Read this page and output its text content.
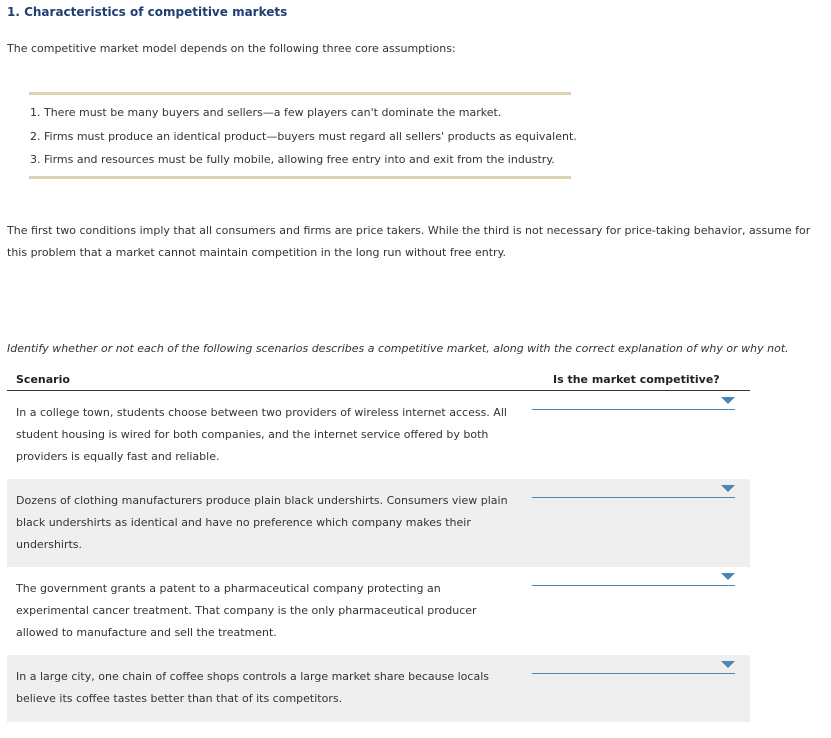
1. Characteristics of competitive markets
The competitive market model depends on the following three core assumptions:
1. There must be many buyers and sellers—a few players can't dominate the market.
2. Firms must produce an identical product—buyers must regard all sellers' products as equivalent.
3. Firms and resources must be fully mobile, allowing free entry into and exit from the industry.
The first two conditions imply that all consumers and firms are price takers. While the third is not necessary for price-taking behavior, assume for this problem that a market cannot maintain competition in the long run without free entry.
Identify whether or not each of the following scenarios describes a competitive market, along with the correct explanation of why or why not.
Scenario	Is the market competitive?
In a college town, students choose between two providers of wireless internet access. All student housing is wired for both companies, and the internet service offered by both providers is equally fast and reliable.
Dozens of clothing manufacturers produce plain black undershirts. Consumers view plain black undershirts as identical and have no preference which company makes their undershirts.
The government grants a patent to a pharmaceutical company protecting an experimental cancer treatment. That company is the only pharmaceutical producer allowed to manufacture and sell the treatment.
In a large city, one chain of coffee shops controls a large market share because locals believe its coffee tastes better than that of its competitors.
